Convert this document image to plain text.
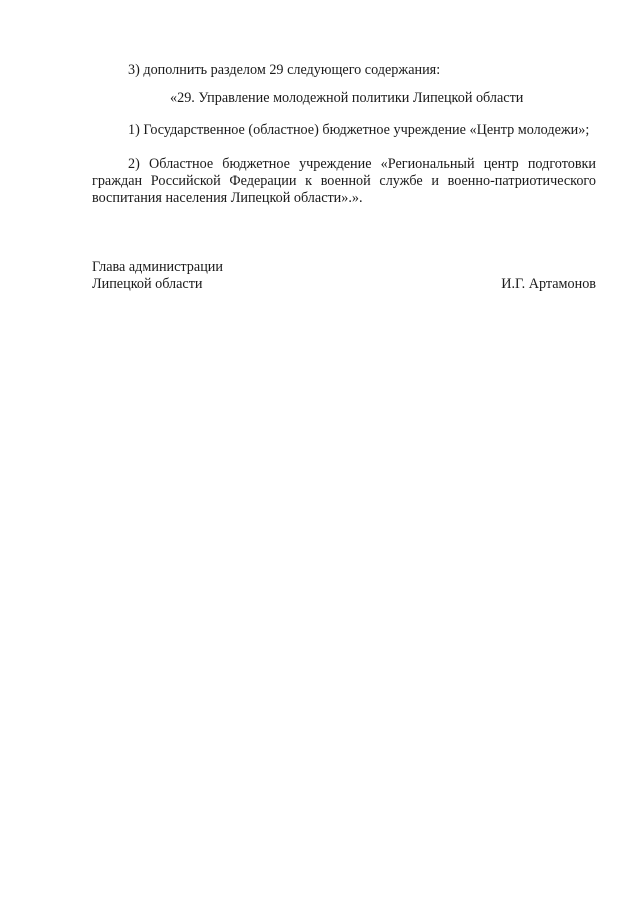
3) дополнить разделом 29 следующего содержания:

«29. Управление молодежной политики Липецкой области

1) Государственное (областное) бюджетное учреждение «Центр молодежи»;

2) Областное бюджетное учреждение «Региональный центр подготовки граждан Российской Федерации к военной службе и военно-патриотического воспитания населения Липецкой области».».

Глава администрации
Липецкой области	И.Г. Артамонов
